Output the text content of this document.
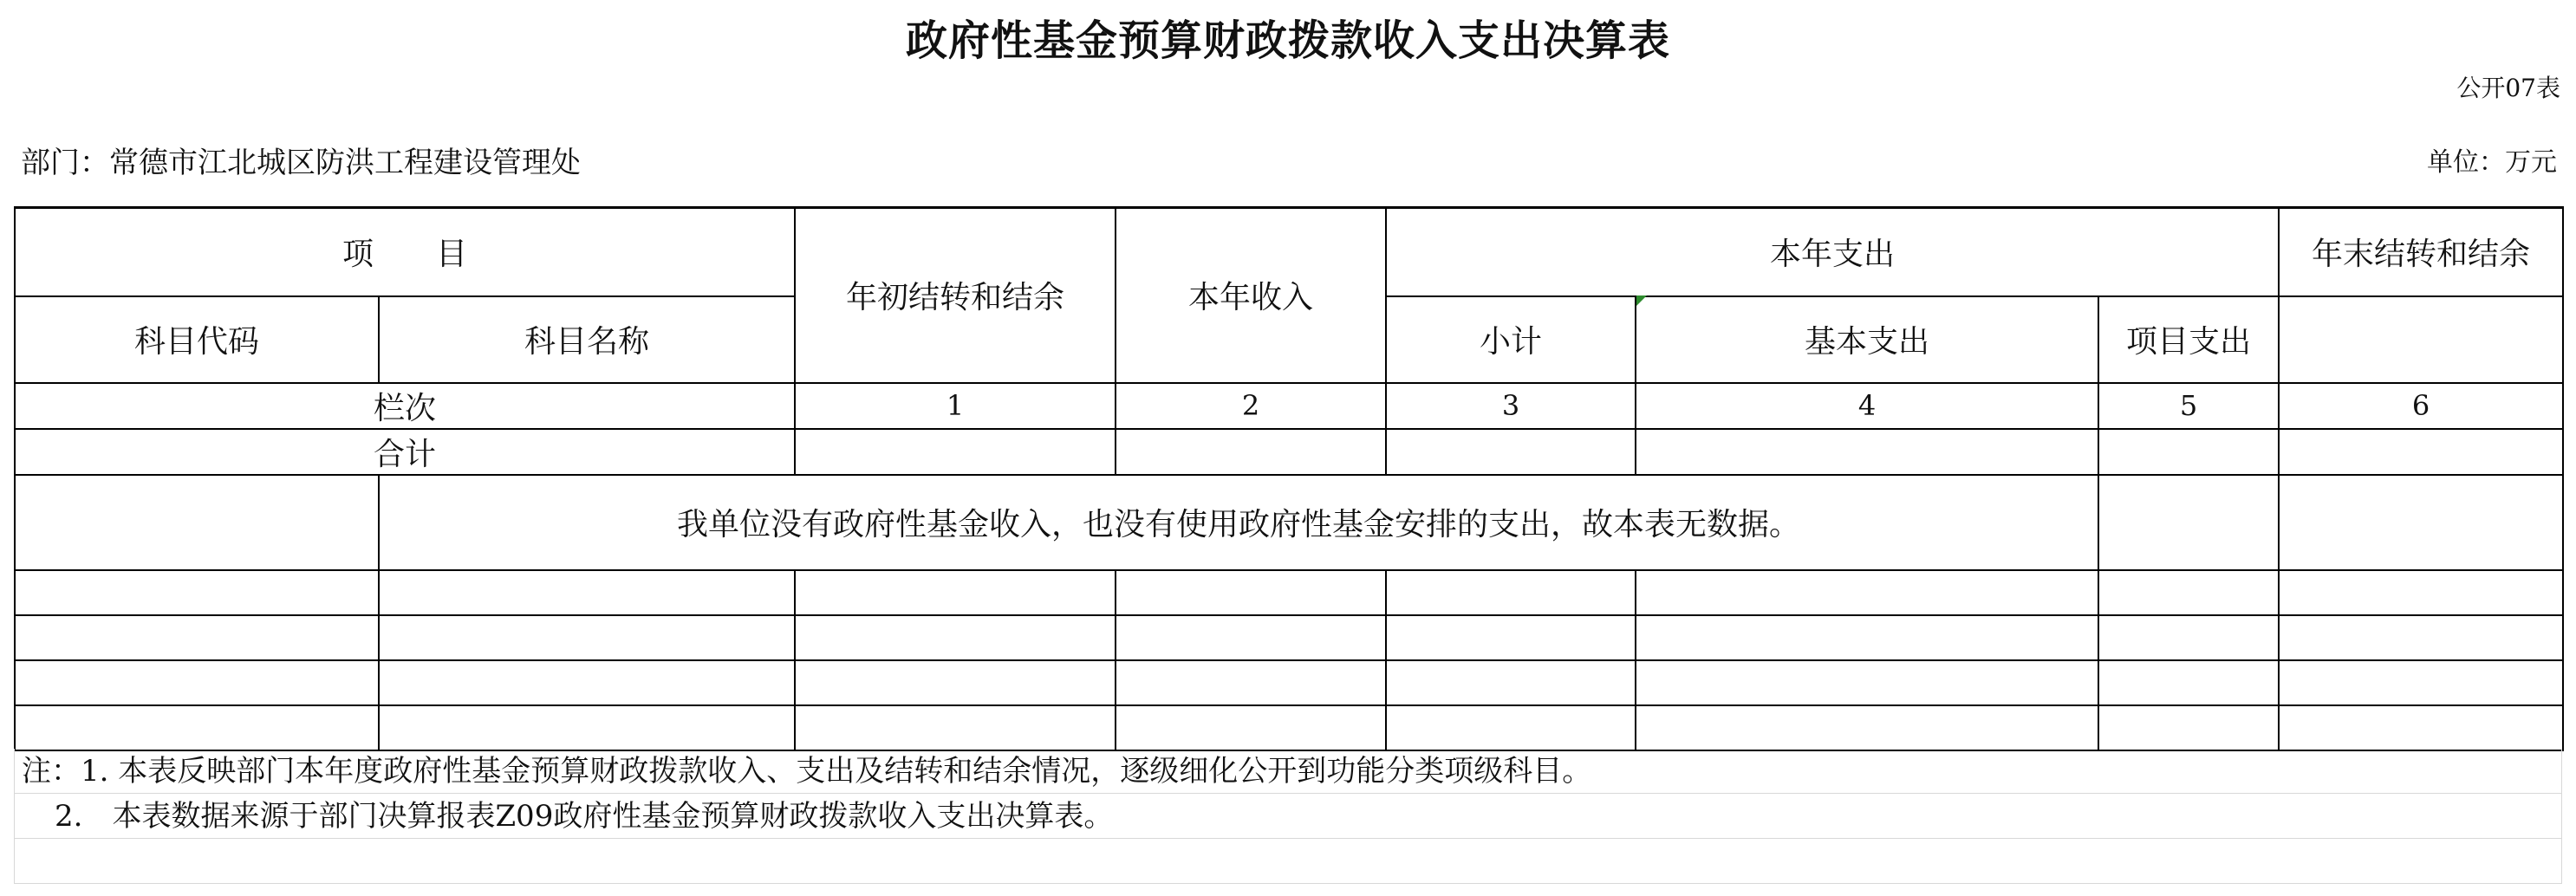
政府性基金预算财政拨款收入支出决算表
公开07表
部门：常德市江北城区防洪工程建设管理处	单位：万元
项　　目		年初结转和结余	本年收入	本年支出			年末结转和结余
科目代码	科目名称			小计	基本支出	项目支出	
栏次		1	2	3	4	5	6
合计							
	我单位没有政府性基金收入，也没有使用政府性基金安排的支出，故本表无数据。						

注：1. 本表反映部门本年度政府性基金预算财政拨款收入、支出及结转和结余情况，逐级细化公开到功能分类项级科目。
2.　本表数据来源于部门决算报表Z09政府性基金预算财政拨款收入支出决算表。
